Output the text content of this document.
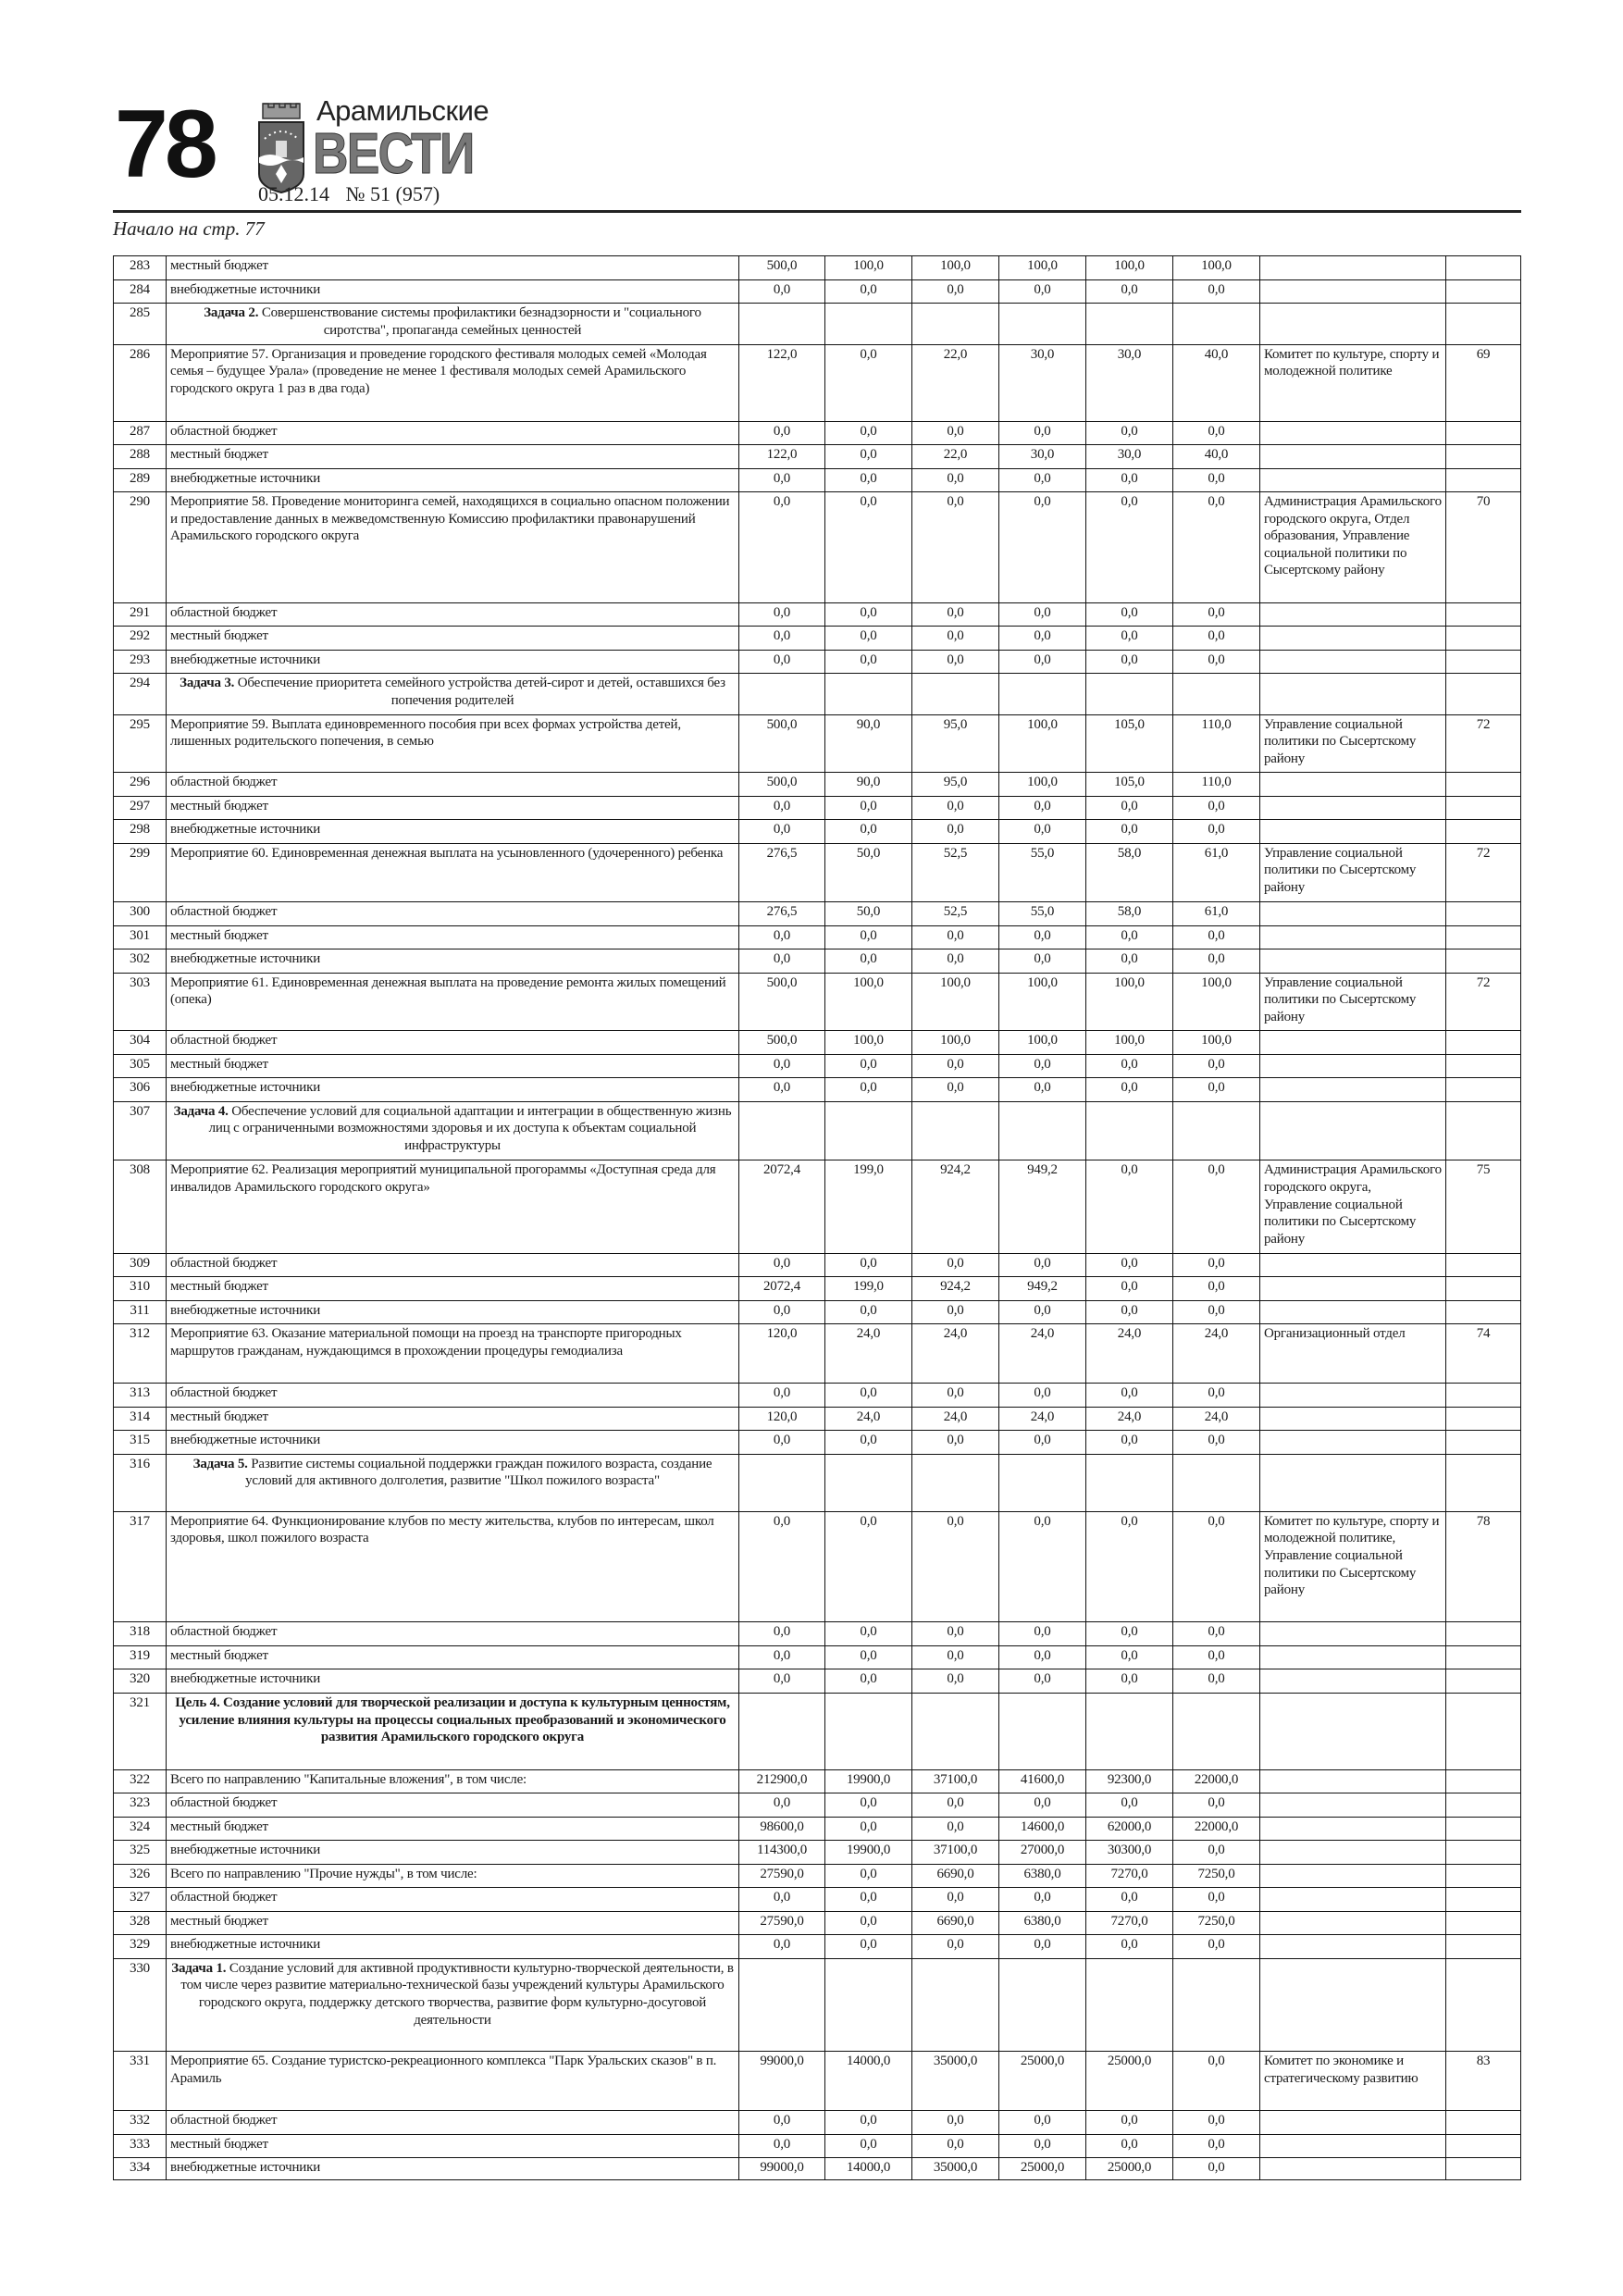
78	Арамильские
ВЕСТИ
05.12.14 № 51 (957)
Начало на стр. 77
283	местный бюджет	500,0	100,0	100,0	100,0	100,0	100,0		
284	внебюджетные источники	0,0	0,0	0,0	0,0	0,0	0,0		
285	Задача 2. Совершенствование системы профилактики безнадзорности и "социального сиротства", пропаганда семейных ценностей								
286	Мероприятие 57. Организация и проведение городского фестиваля молодых семей «Молодая семья – будущее Урала» (проведение не менее 1 фестиваля молодых семей Арамильского городского округа 1 раз в два года)	122,0	0,0	22,0	30,0	30,0	40,0	Комитет по культуре, спорту и молодежной политике	69
287	областной бюджет	0,0	0,0	0,0	0,0	0,0	0,0		
288	местный бюджет	122,0	0,0	22,0	30,0	30,0	40,0		
289	внебюджетные источники	0,0	0,0	0,0	0,0	0,0	0,0		
290	Мероприятие 58. Проведение мониторинга семей, находящихся в социально опасном положении и предоставление данных в межведомственную Комиссию профилактики правонарушений Арамильского городского округа	0,0	0,0	0,0	0,0	0,0	0,0	Администрация Арамильского городского округа, Отдел образования, Управление социальной политики по Сысертскому району	70
291	областной бюджет	0,0	0,0	0,0	0,0	0,0	0,0		
292	местный бюджет	0,0	0,0	0,0	0,0	0,0	0,0		
293	внебюджетные источники	0,0	0,0	0,0	0,0	0,0	0,0		
294	Задача 3. Обеспечение приоритета семейного устройства детей-сирот и детей, оставшихся без попечения родителей								
295	Мероприятие 59. Выплата единовременного пособия при всех формах устройства детей, лишенных родительского попечения, в семью	500,0	90,0	95,0	100,0	105,0	110,0	Управление социальной политики по Сысертскому району	72
296	областной бюджет	500,0	90,0	95,0	100,0	105,0	110,0		
297	местный бюджет	0,0	0,0	0,0	0,0	0,0	0,0		
298	внебюджетные источники	0,0	0,0	0,0	0,0	0,0	0,0		
299	Мероприятие 60. Единовременная денежная выплата на усыновленного (удочеренного) ребенка	276,5	50,0	52,5	55,0	58,0	61,0	Управление социальной политики по Сысертскому району	72
300	областной бюджет	276,5	50,0	52,5	55,0	58,0	61,0		
301	местный бюджет	0,0	0,0	0,0	0,0	0,0	0,0		
302	внебюджетные источники	0,0	0,0	0,0	0,0	0,0	0,0		
303	Мероприятие 61. Единовременная денежная выплата на проведение ремонта жилых помещений (опека)	500,0	100,0	100,0	100,0	100,0	100,0	Управление социальной политики по Сысертскому району	72
304	областной бюджет	500,0	100,0	100,0	100,0	100,0	100,0		
305	местный бюджет	0,0	0,0	0,0	0,0	0,0	0,0		
306	внебюджетные источники	0,0	0,0	0,0	0,0	0,0	0,0		
307	Задача 4. Обеспечение условий для социальной адаптации и интеграции в общественную жизнь лиц с ограниченными возможностями здоровья и их доступа к объектам социальной инфраструктуры								
308	Мероприятие 62. Реализация мероприятий муниципальной прогораммы «Доступная среда для инвалидов Арамильского городского округа»	2072,4	199,0	924,2	949,2	0,0	0,0	Администрация Арамильского городского округа, Управление социальной политики по Сысертскому району	75
309	областной бюджет	0,0	0,0	0,0	0,0	0,0	0,0		
310	местный бюджет	2072,4	199,0	924,2	949,2	0,0	0,0		
311	внебюджетные источники	0,0	0,0	0,0	0,0	0,0	0,0		
312	Мероприятие 63. Оказание материальной помощи на проезд на транспорте пригородных маршрутов гражданам, нуждающимся в прохождении процедуры гемодиализа	120,0	24,0	24,0	24,0	24,0	24,0	Организационный отдел	74
313	областной бюджет	0,0	0,0	0,0	0,0	0,0	0,0		
314	местный бюджет	120,0	24,0	24,0	24,0	24,0	24,0		
315	внебюджетные источники	0,0	0,0	0,0	0,0	0,0	0,0		
316	Задача 5. Развитие системы социальной поддержки граждан пожилого возраста, создание условий для активного долголетия, развитие "Школ пожилого возраста"								
317	Мероприятие 64. Функционирование клубов по месту жительства, клубов по интересам, школ здоровья, школ пожилого возраста	0,0	0,0	0,0	0,0	0,0	0,0	Комитет по культуре, спорту и молодежной политике, Управление социальной политики по Сысертскому району	78
318	областной бюджет	0,0	0,0	0,0	0,0	0,0	0,0		
319	местный бюджет	0,0	0,0	0,0	0,0	0,0	0,0		
320	внебюджетные источники	0,0	0,0	0,0	0,0	0,0	0,0		
321	Цель 4. Создание условий для творческой реализации и доступа к культурным ценностям, усиление влияния культуры на процессы социальных преобразований и экономического развития Арамильского городского округа								
322	Всего по направлению "Капитальные вложения", в том числе:	212900,0	19900,0	37100,0	41600,0	92300,0	22000,0		
323	областной бюджет	0,0	0,0	0,0	0,0	0,0	0,0		
324	местный бюджет	98600,0	0,0	0,0	14600,0	62000,0	22000,0		
325	внебюджетные источники	114300,0	19900,0	37100,0	27000,0	30300,0	0,0		
326	Всего по направлению "Прочие нужды", в том числе:	27590,0	0,0	6690,0	6380,0	7270,0	7250,0		
327	областной бюджет	0,0	0,0	0,0	0,0	0,0	0,0		
328	местный бюджет	27590,0	0,0	6690,0	6380,0	7270,0	7250,0		
329	внебюджетные источники	0,0	0,0	0,0	0,0	0,0	0,0		
330	Задача 1. Создание условий для активной продуктивности культурно-творческой деятельности, в том числе через развитие материально-технической базы учреждений культуры Арамильского городского округа, поддержку детского творчества, развитие форм культурно-досуговой деятельности								
331	Мероприятие 65. Создание туристско-рекреационного комплекса "Парк Уральских сказов" в п. Арамиль	99000,0	14000,0	35000,0	25000,0	25000,0	0,0	Комитет по экономике и стратегическому развитию	83
332	областной бюджет	0,0	0,0	0,0	0,0	0,0	0,0		
333	местный бюджет	0,0	0,0	0,0	0,0	0,0	0,0		
334	внебюджетные источники	99000,0	14000,0	35000,0	25000,0	25000,0	0,0		
